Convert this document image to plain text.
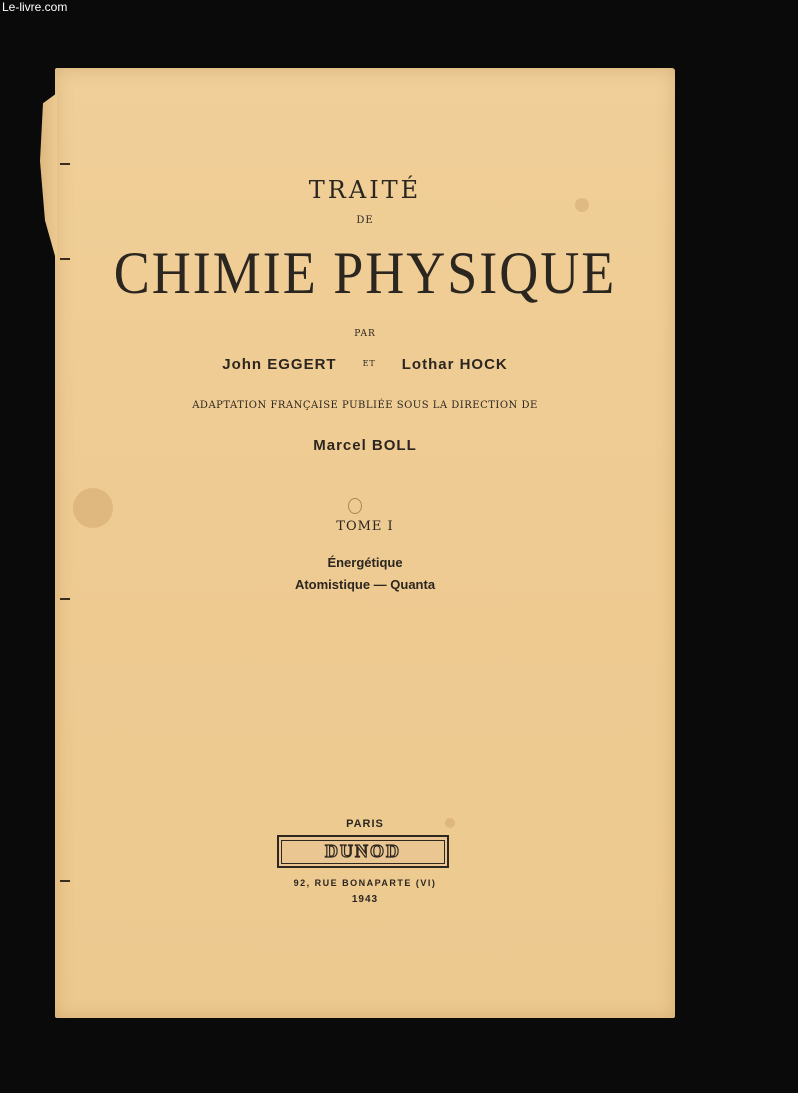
Le-livre.com
TRAITÉ
DE
CHIMIE PHYSIQUE
PAR
John EGGERT	$^{ET}$ Lothar HOCK
ADAPTATION FRANÇAISE PUBLIÉE SOUS LA DIRECTION DE
Marcel BOLL
TOME I
Énergétique
Atomistique — Quanta
PARIS
DUNOD
92, RUE BONAPARTE (VI)
1943
